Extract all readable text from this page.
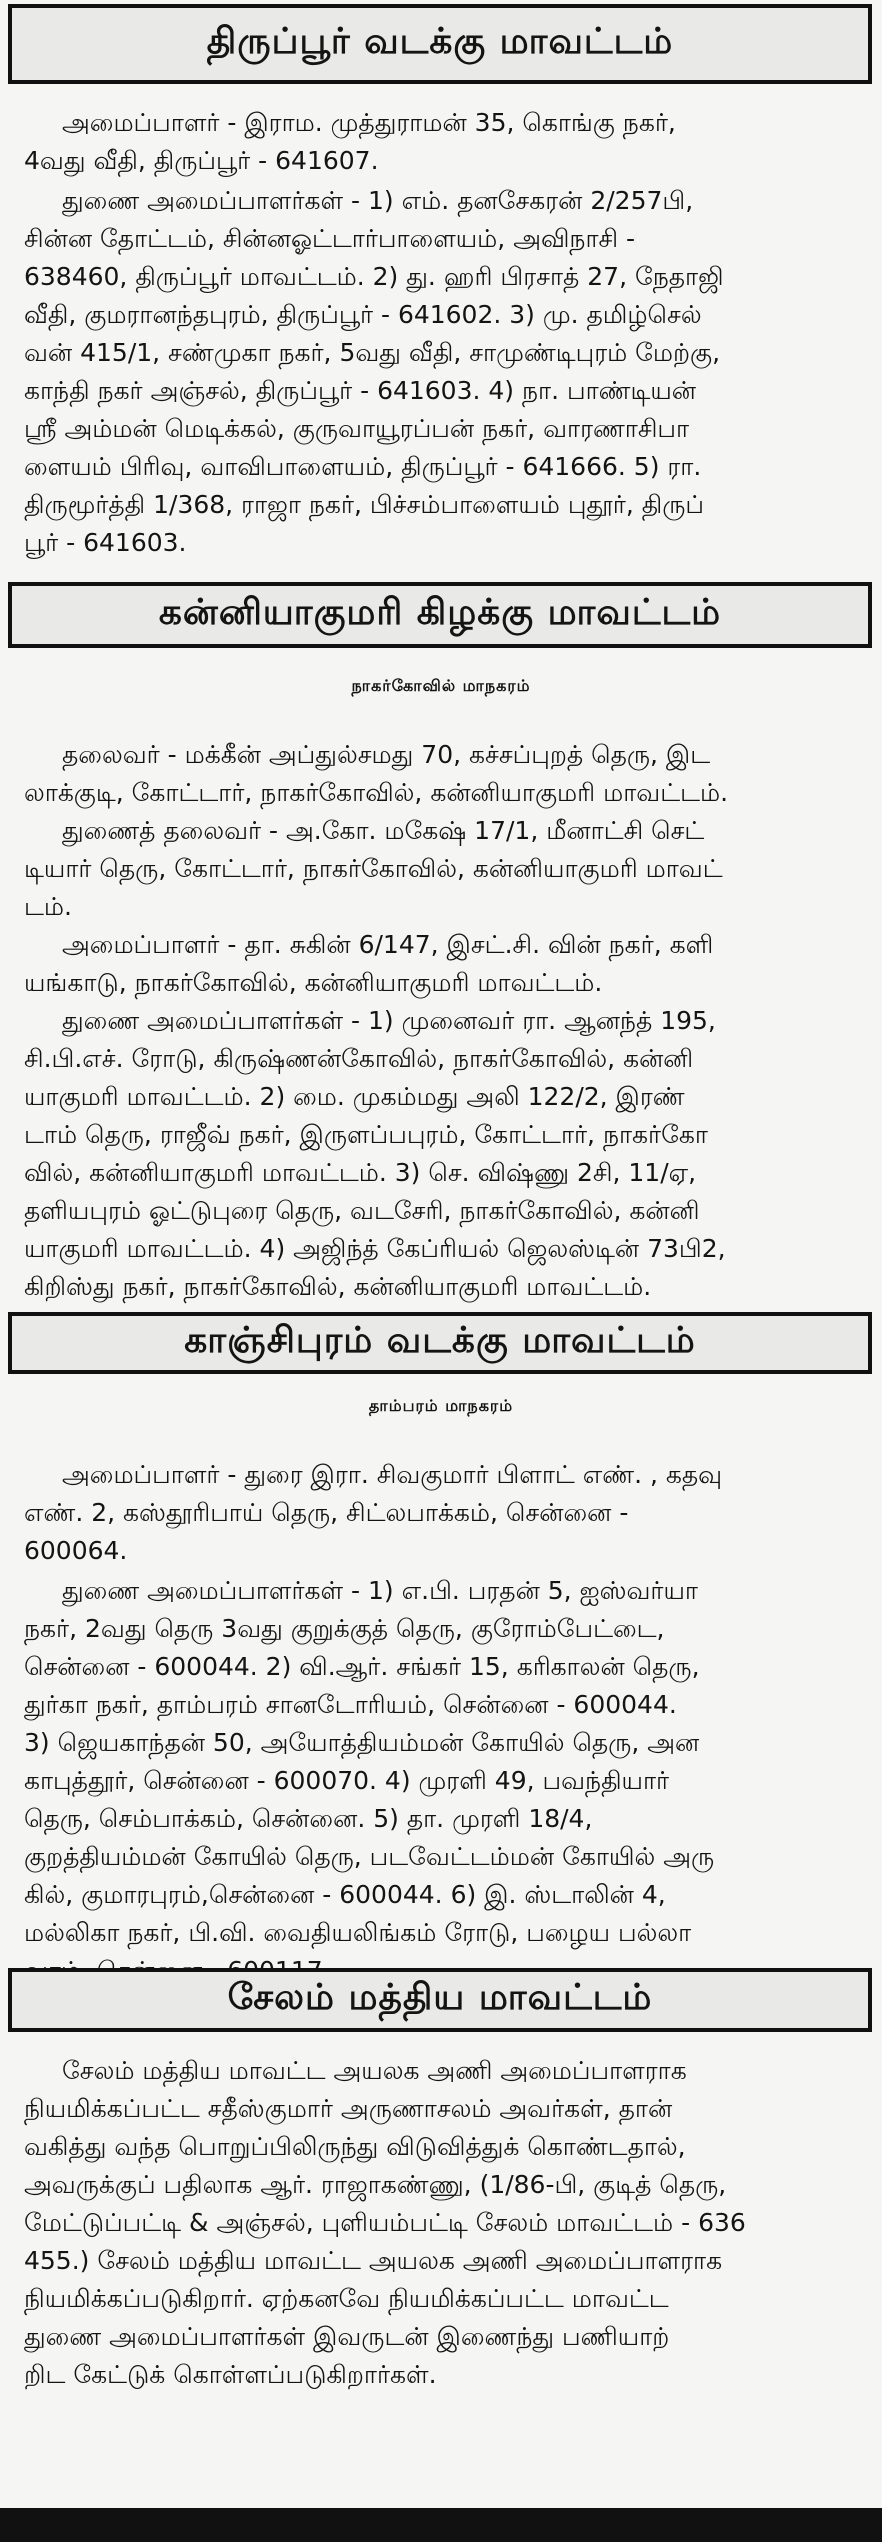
திருப்பூர் வடக்கு மாவட்டம்
அமைப்பாளர் - இராம. முத்துராமன் 35, கொங்கு நகர்,
4வது வீதி, திருப்பூர் - 641607.
துணை அமைப்பாளர்கள் - 1) எம். தனசேகரன் 2/257பி,
சின்ன தோட்டம், சின்னஓட்டார்பாளையம், அவிநாசி -
638460, திருப்பூர் மாவட்டம். 2) து. ஹரி பிரசாத் 27, நேதாஜி
வீதி, குமரானந்தபுரம், திருப்பூர் - 641602. 3) மு. தமிழ்செல்
வன் 415/1, சண்முகா நகர், 5வது வீதி, சாமுண்டிபுரம் மேற்கு,
காந்தி நகர் அஞ்சல், திருப்பூர் - 641603. 4) நா. பாண்டியன்
ஸ்ரீ அம்மன் மெடிக்கல், குருவாயூரப்பன் நகர், வாரணாசிபா
ளையம் பிரிவு, வாவிபாளையம், திருப்பூர் - 641666. 5) ரா.
திருமூர்த்தி 1/368, ராஜா நகர், பிச்சம்பாளையம் புதூர், திருப்
பூர் - 641603.
கன்னியாகுமரி கிழக்கு மாவட்டம்
நாகர்கோவில் மாநகரம்
தலைவர் - மக்கீன் அப்துல்சமது 70, கச்சப்புறத் தெரு, இட
லாக்குடி, கோட்டார், நாகர்கோவில், கன்னியாகுமரி மாவட்டம்.
துணைத் தலைவர் - அ.கோ. மகேஷ் 17/1, மீனாட்சி செட்
டியார் தெரு, கோட்டார், நாகர்கோவில், கன்னியாகுமரி மாவட்
டம்.
அமைப்பாளர் - தா. சுகின் 6/147, இசட்.சி. வின் நகர், களி
யங்காடு, நாகர்கோவில், கன்னியாகுமரி மாவட்டம்.
துணை அமைப்பாளர்கள் - 1) முனைவர் ரா. ஆனந்த் 195,
சி.பி.எச். ரோடு, கிருஷ்ணன்கோவில், நாகர்கோவில், கன்னி
யாகுமரி மாவட்டம். 2) மை. முகம்மது அலி 122/2, இரண்
டாம் தெரு, ராஜீவ் நகர், இருளப்பபுரம், கோட்டார், நாகர்கோ
வில், கன்னியாகுமரி மாவட்டம். 3) செ. விஷ்ணு 2சி, 11/ஏ,
தளியபுரம் ஓட்டுபுரை தெரு, வடசேரி, நாகர்கோவில், கன்னி
யாகுமரி மாவட்டம். 4) அஜிந்த் கேப்ரியல் ஜெலஸ்டின் 73பி2,
கிறிஸ்து நகர், நாகர்கோவில், கன்னியாகுமரி மாவட்டம்.
காஞ்சிபுரம் வடக்கு மாவட்டம்
தாம்பரம் மாநகரம்
அமைப்பாளர் - துரை இரா. சிவகுமார் பிளாட் எண். , கதவு
எண். 2, கஸ்தூரிபாய் தெரு, சிட்லபாக்கம், சென்னை -
600064.
துணை அமைப்பாளர்கள் - 1) எ.பி. பரதன் 5, ஐஸ்வர்யா
நகர், 2வது தெரு 3வது குறுக்குத் தெரு, குரோம்பேட்டை,
சென்னை - 600044. 2) வி.ஆர். சங்கர் 15, கரிகாலன் தெரு,
துர்கா நகர், தாம்பரம் சானடோரியம், சென்னை - 600044.
3) ஜெயகாந்தன் 50, அயோத்தியம்மன் கோயில் தெரு, அன
காபுத்தூர், சென்னை - 600070. 4) முரளி 49, பவந்தியார்
தெரு, செம்பாக்கம், சென்னை. 5) தா. முரளி 18/4,
குறத்தியம்மன் கோயில் தெரு, படவேட்டம்மன் கோயில் அரு
கில், குமாரபுரம்,சென்னை - 600044. 6) இ. ஸ்டாலின் 4,
மல்லிகா நகர், பி.வி. வைதியலிங்கம் ரோடு, பழைய பல்லா
சேலம் மத்திய மாவட்டம்
சேலம் மத்திய மாவட்ட அயலக அணி அமைப்பாளராக
நியமிக்கப்பட்ட சதீஸ்குமார் அருணாசலம் அவர்கள், தான்
வகித்து வந்த பொறுப்பிலிருந்து விடுவித்துக் கொண்டதால்,
அவருக்குப் பதிலாக ஆர். ராஜாகண்ணு, (1/86-பி, குடித் தெரு,
மேட்டுப்பட்டி & அஞ்சல், புளியம்பட்டி சேலம் மாவட்டம் - 636
455.) சேலம் மத்திய மாவட்ட அயலக அணி அமைப்பாளராக
நியமிக்கப்படுகிறார். ஏற்கனவே நியமிக்கப்பட்ட மாவட்ட
துணை அமைப்பாளர்கள் இவருடன் இணைந்து பணியாற்
றிட கேட்டுக் கொள்ளப்படுகிறார்கள்.
